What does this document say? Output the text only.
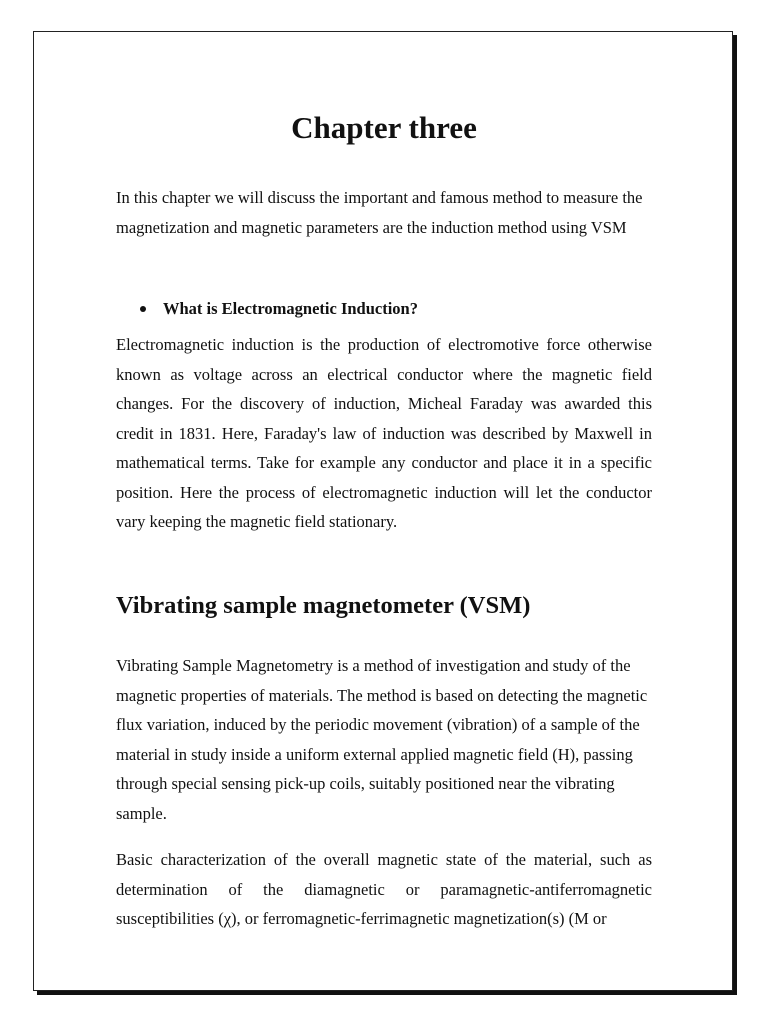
Chapter three

In this chapter we will discuss the important and famous method to measure the magnetization and magnetic parameters are the induction method using VSM

What is Electromagnetic Induction?

Electromagnetic induction is the production of electromotive force otherwise known as voltage across an electrical conductor where the magnetic field changes. For the discovery of induction, Micheal Faraday was awarded this credit in 1831. Here, Faraday's law of induction was described by Maxwell in mathematical terms. Take for example any conductor and place it in a specific position. Here the process of electromagnetic induction will let the conductor vary keeping the magnetic field stationary.

Vibrating sample magnetometer (VSM)

Vibrating Sample Magnetometry is a method of investigation and study of the magnetic properties of materials. The method is based on detecting the magnetic flux variation, induced by the periodic movement (vibration) of a sample of the material in study inside a uniform external applied magnetic field (H), passing through special sensing pick-up coils, suitably positioned near the vibrating sample.

Basic characterization of the overall magnetic state of the material, such as determination of the diamagnetic or paramagnetic-antiferromagnetic susceptibilities (χ), or ferromagnetic-ferrimagnetic magnetization(s) (M or
